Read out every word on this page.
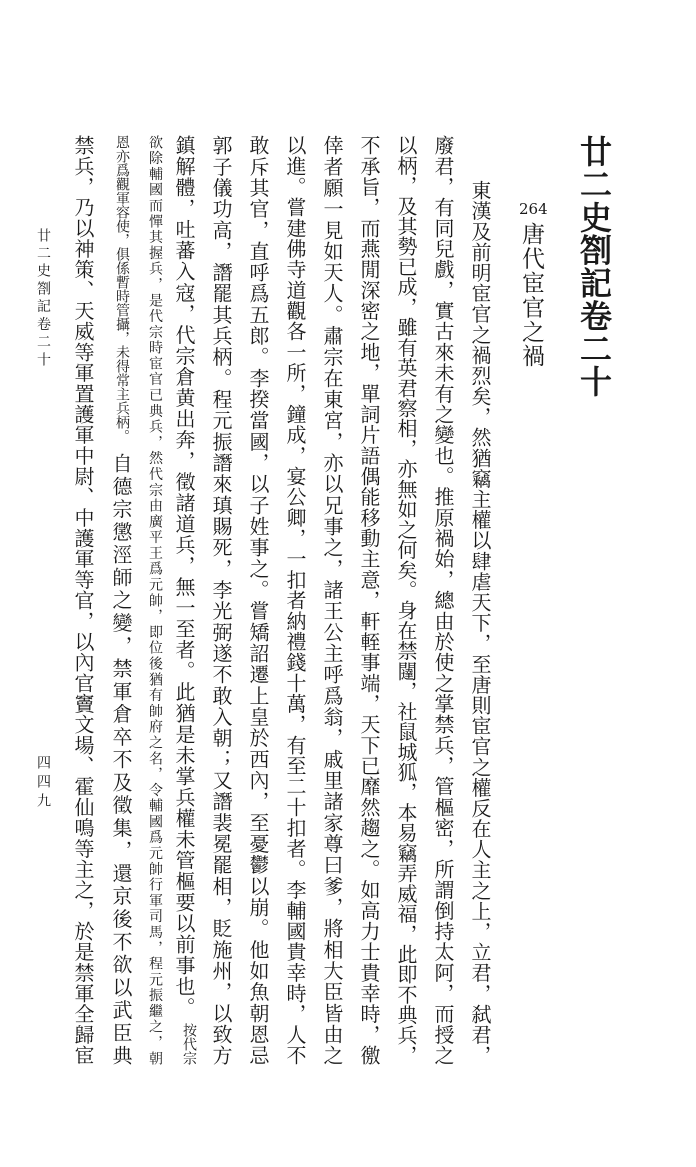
廿二史劄記卷二十
264
唐代宦官之禍
東漢及前明宦官之禍烈矣，然猶竊主權以肆虐天下，至唐則宦官之權反在人主之上，立君，弑君，
廢君，有同兒戲，實古來未有之變也。推原禍始，總由於使之掌禁兵，管樞密，所謂倒持太阿，而授之
以柄，及其勢已成，雖有英君察相，亦無如之何矣。身在禁闥，社鼠城狐，本易竊弄威福，此即不典兵，
不承旨，而燕閒深密之地，單詞片語偶能移動主意，軒輊事端，天下已靡然趨之。如高力士貴幸時，徼
倖者願一見如天人。肅宗在東宮，亦以兄事之，諸王公主呼爲翁，戚里諸家尊曰爹，將相大臣皆由之
以進。嘗建佛寺道觀各一所，鐘成，宴公卿，一扣者納禮錢十萬，有至二十扣者。李輔國貴幸時，人不
敢斥其官，直呼爲五郎。李揆當國，以子姓事之。嘗矯詔遷上皇於西內，至憂鬱以崩。他如魚朝恩忌
郭子儀功高，譖罷其兵柄。程元振譖來瑱賜死，李光弼遂不敢入朝；又譖裴冕罷相，貶施州，以致方
鎮解體，吐蕃入寇，代宗倉黄出奔，徵諸道兵，無一至者。此猶是未掌兵權未管樞要以前事也。
按代宗
欲除輔國而憚其握兵，是代宗時宦官已典兵，然代宗由廣平王爲元帥，即位後猶有帥府之名，令輔國爲元帥行軍司馬，程元振繼之，朝
恩亦爲觀軍容使，俱係暫時管攝，未得常主兵柄。
自德宗懲涇師之變，禁軍倉卒不及徵集，還京後不欲以武臣典
禁兵，乃以神策、天威等軍置護軍中尉、中護軍等官，以內官竇文場、霍仙鳴等主之，於是禁軍全歸宦
廿二史劄記卷二十
四四九
